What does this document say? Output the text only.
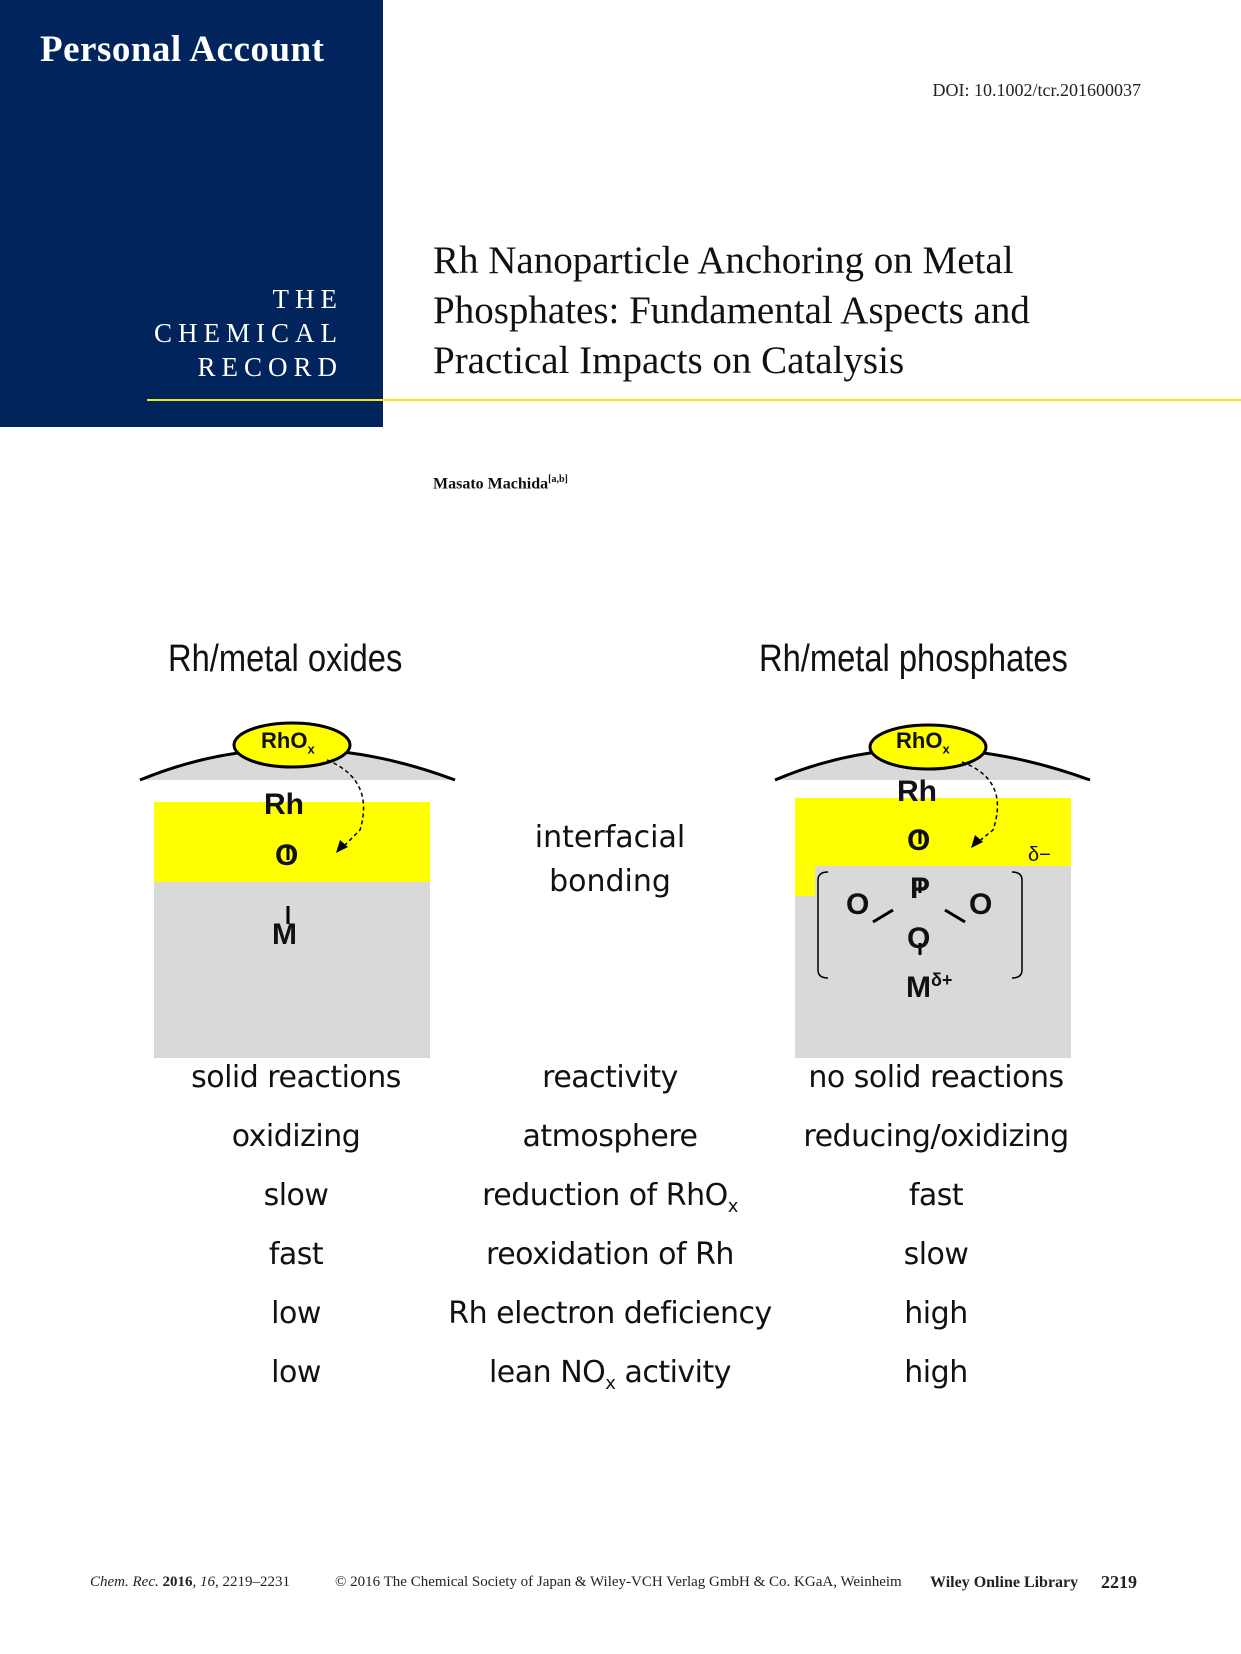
Personal Account
THE
CHEMICAL
RECORD
DOI: 10.1002/tcr.201600037
Rh Nanoparticle Anchoring on Metal
Phosphates: Fundamental Aspects and
Practical Impacts on Catalysis
Masato Machida[a,b]
Rh/metal oxides	Rh/metal phosphates
Rh
O
M
RhO$_x$
Rh
O
P
O	O
O
δ−
$M^{\delta+}$
RhO$_x$
interfacial
bonding
solid reactions	reactivity	no solid reactions
oxidizing	atmosphere	reducing/oxidizing
slow	reduction of RhO$_x$	fast
fast	reoxidation of Rh	slow
low	Rh electron deficiency	high
low	lean $NO_x$ activity	high
Chem. Rec. 2016, 16, 2219–2231	© 2016 The Chemical Society of Japan & Wiley-VCH Verlag GmbH & Co. KGaA, Weinheim Wiley Online Library 2219
